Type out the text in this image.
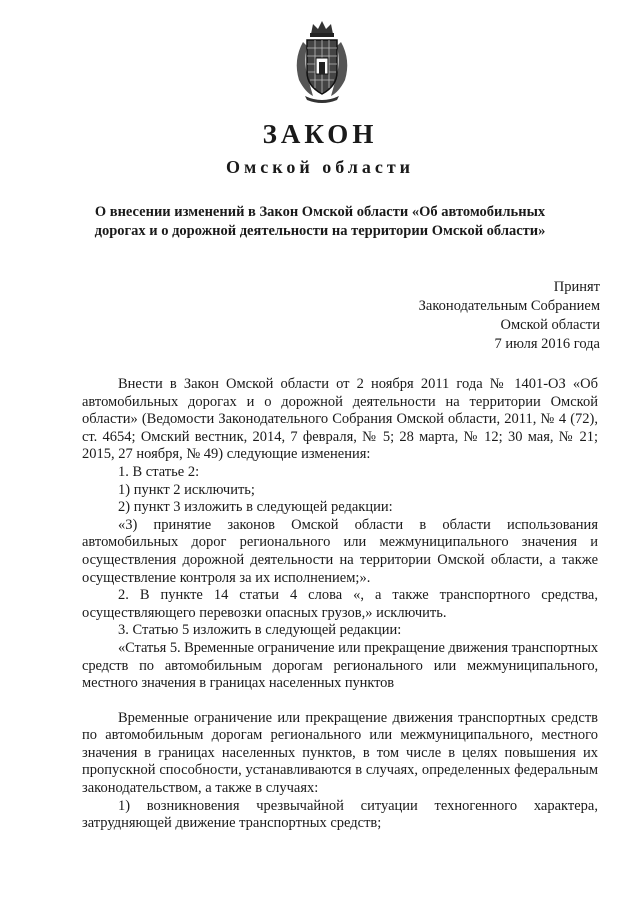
ЗАКОН
Омской области
О внесении изменений в Закон Омской области «Об автомобильных
дорогах и о дорожной деятельности на территории Омской области»
Принят
Законодательным Собранием
Омской области
7 июля 2016 года

Внести в Закон Омской области от 2 ноября 2011 года № 1401-ОЗ «Об автомобильных дорогах и о дорожной деятельности на территории Омской области» (Ведомости Законодательного Собрания Омской области, 2011, № 4 (72), ст. 4654; Омский вестник, 2014, 7 февраля, № 5; 28 марта, № 12; 30 мая, № 21; 2015, 27 ноября, № 49) следующие изменения:

1. В статье 2:

1) пункт 2 исключить;

2) пункт 3 изложить в следующей редакции:

«3) принятие законов Омской области в области использования автомобильных дорог регионального или межмуниципального значения и осуществления дорожной деятельности на территории Омской области, а также осуществление контроля за их исполнением;».

2. В пункте 14 статьи 4 слова «, а также транспортного средства, осуществляющего перевозки опасных грузов,» исключить.

3. Статью 5 изложить в следующей редакции:

«Статья 5. Временные ограничение или прекращение движения транспортных средств по автомобильным дорогам регионального или межмуниципального, местного значения в границах населенных пунктов

Временные ограничение или прекращение движения транспортных средств по автомобильным дорогам регионального или межмуниципального, местного значения в границах населенных пунктов, в том числе в целях повышения их пропускной способности, устанавливаются в случаях, определенных федеральным законодательством, а также в случаях:

1) возникновения чрезвычайной ситуации техногенного характера, затрудняющей движение транспортных средств;
